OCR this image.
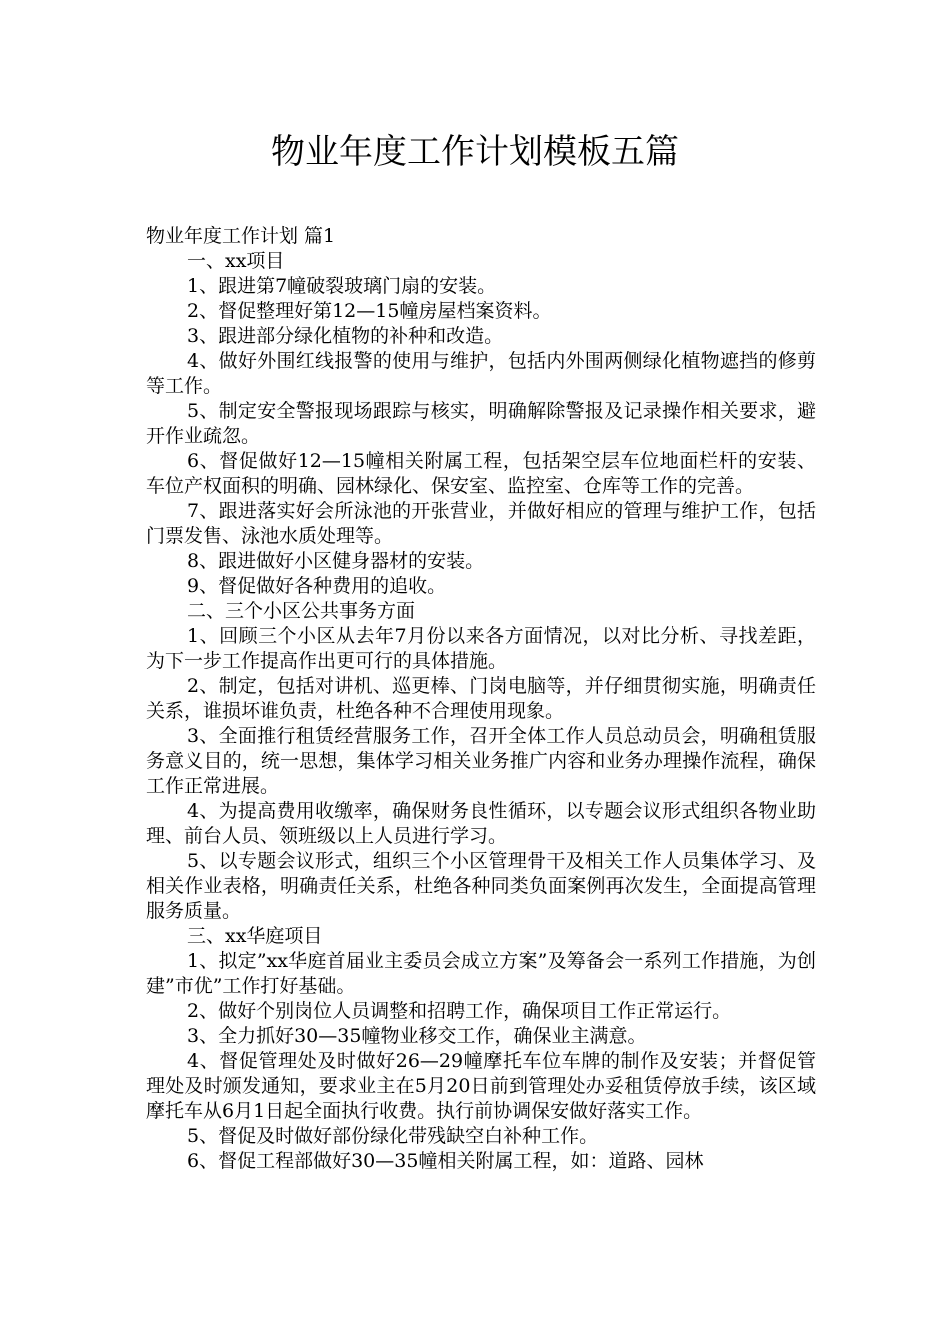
物业年度工作计划模板五篇

物业年度工作计划 篇1

一、xx项目

1、跟进第7幢破裂玻璃门扇的安装。

2、督促整理好第12—15幢房屋档案资料。

3、跟进部分绿化植物的补种和改造。

4、做好外围红线报警的使用与维护，包括内外围两侧绿化植物遮挡的修剪等工作。

5、制定安全警报现场跟踪与核实，明确解除警报及记录操作相关要求，避开作业疏忽。

6、督促做好12—15幢相关附属工程，包括架空层车位地面栏杆的安装、车位产权面积的明确、园林绿化、保安室、监控室、仓库等工作的完善。

7、跟进落实好会所泳池的开张营业，并做好相应的管理与维护工作，包括门票发售、泳池水质处理等。

8、跟进做好小区健身器材的安装。

9、督促做好各种费用的追收。

二、三个小区公共事务方面

1、回顾三个小区从去年7月份以来各方面情况，以对比分析、寻找差距，为下一步工作提高作出更可行的具体措施。

2、制定，包括对讲机、巡更棒、门岗电脑等，并仔细贯彻实施，明确责任关系，谁损坏谁负责，杜绝各种不合理使用现象。

3、全面推行租赁经营服务工作，召开全体工作人员总动员会，明确租赁服务意义目的，统一思想，集体学习相关业务推广内容和业务办理操作流程，确保工作正常进展。

4、为提高费用收缴率，确保财务良性循环，以专题会议形式组织各物业助理、前台人员、领班级以上人员进行学习。

5、以专题会议形式，组织三个小区管理骨干及相关工作人员集体学习、及相关作业表格，明确责任关系，杜绝各种同类负面案例再次发生，全面提高管理服务质量。

三、xx华庭项目

1、拟定”xx华庭首届业主委员会成立方案”及筹备会一系列工作措施，为创建”市优”工作打好基础。

2、做好个别岗位人员调整和招聘工作，确保项目工作正常运行。

3、全力抓好30—35幢物业移交工作，确保业主满意。

4、督促管理处及时做好26—29幢摩托车位车牌的制作及安装；并督促管理处及时颁发通知，要求业主在5月20日前到管理处办妥租赁停放手续，该区域摩托车从6月1日起全面执行收费。执行前协调保安做好落实工作。

5、督促及时做好部份绿化带残缺空白补种工作。

6、督促工程部做好30—35幢相关附属工程，如：道路、园林
